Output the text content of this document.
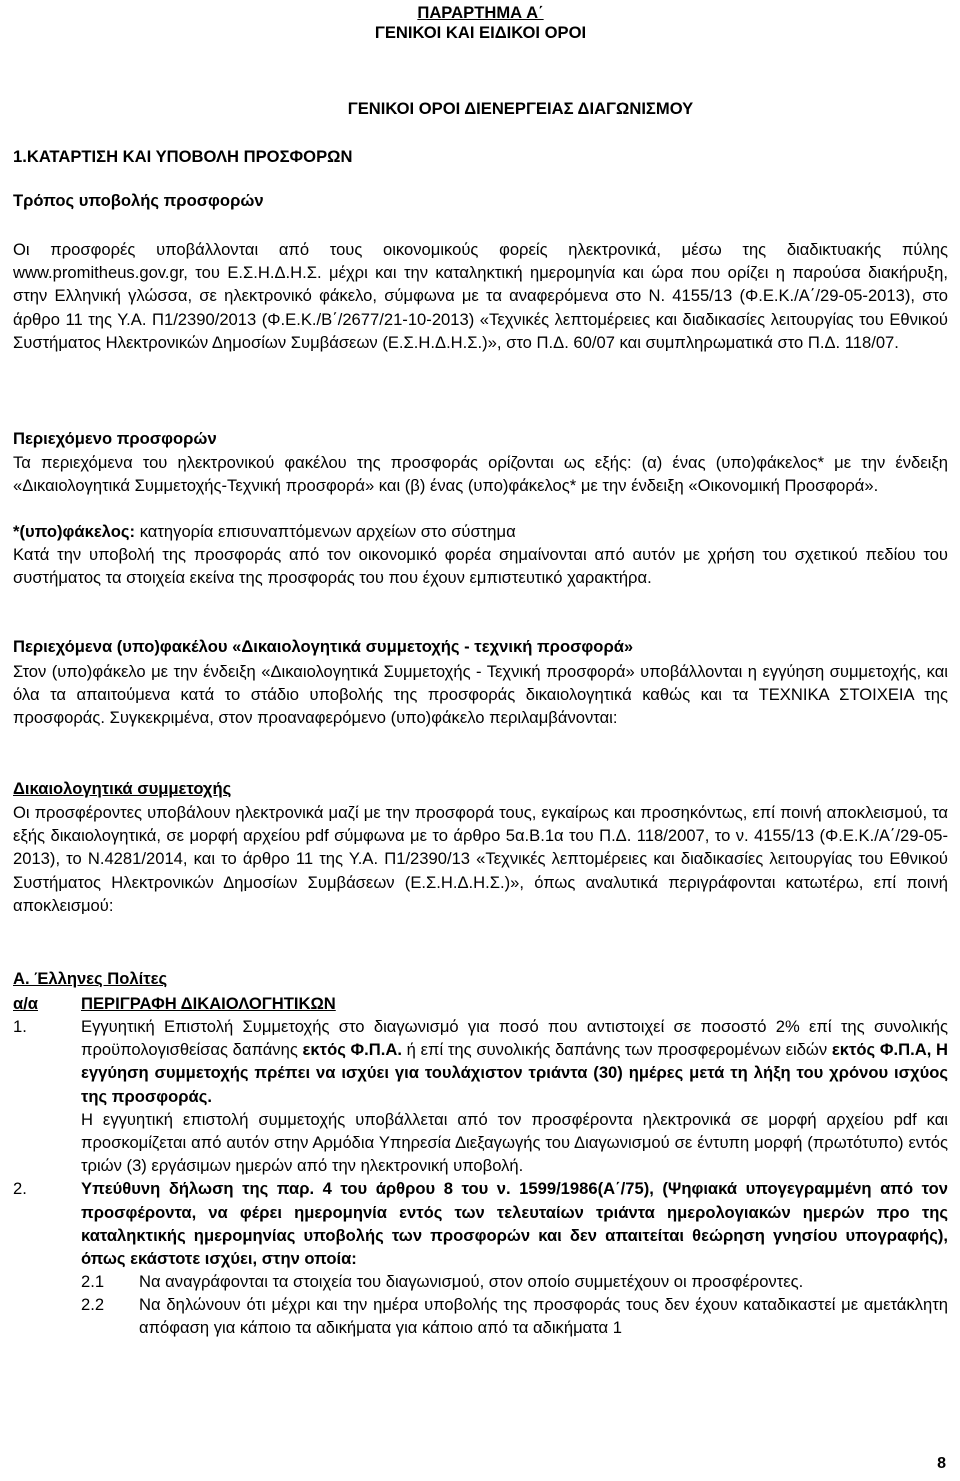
ΠΑΡΑΡΤΗΜΑ Α΄
ΓΕΝΙΚΟΙ ΚΑΙ ΕΙΔΙΚΟΙ ΟΡΟΙ
ΓΕΝΙΚΟΙ ΟΡΟΙ ΔΙΕΝΕΡΓΕΙΑΣ ΔΙΑΓΩΝΙΣΜΟΥ
1.ΚΑΤΑΡΤΙΣΗ ΚΑΙ ΥΠΟΒΟΛΗ ΠΡΟΣΦΟΡΩΝ
Τρόπος υποβολής προσφορών

Οι προσφορές υποβάλλονται από τους οικονομικούς φορείς ηλεκτρονικά, μέσω της διαδικτυακής πύλης www.promitheus.gov.gr, του Ε.Σ.Η.Δ.Η.Σ. μέχρι και την καταληκτική ημερομηνία και ώρα που ορίζει η παρούσα διακήρυξη, στην Ελληνική γλώσσα, σε ηλεκτρονικό φάκελο, σύμφωνα με τα αναφερόμενα στο Ν. 4155/13 (Φ.Ε.Κ./Α΄/29-05-2013), στο άρθρο 11 της Υ.Α. Π1/2390/2013 (Φ.Ε.Κ./Β΄/2677/21-10-2013) «Τεχνικές λεπτομέρειες και διαδικασίες λειτουργίας του Εθνικού Συστήματος Ηλεκτρονικών Δημοσίων Συμβάσεων (Ε.Σ.Η.Δ.Η.Σ.)», στο Π.Δ. 60/07 και συμπληρωματικά στο Π.Δ. 118/07.

Περιεχόμενο προσφορών

Τα περιεχόμενα του ηλεκτρονικού φακέλου της προσφοράς ορίζονται ως εξής: (α) ένας (υπο)φάκελος* με την ένδειξη «Δικαιολογητικά Συμμετοχής-Τεχνική προσφορά» και (β) ένας (υπο)φάκελος* με την ένδειξη «Οικονομική Προσφορά».

*(υπο)φάκελος: κατηγορία επισυναπτόμενων αρχείων στο σύστημα

Κατά την υποβολή της προσφοράς από τον οικονομικό φορέα σημαίνονται από αυτόν με χρήση του σχετικού πεδίου του συστήματος τα στοιχεία εκείνα της προσφοράς του που έχουν εμπιστευτικό χαρακτήρα.

Περιεχόμενα (υπο)φακέλου «Δικαιολογητικά συμμετοχής - τεχνική προσφορά»

Στον (υπο)φάκελο με την ένδειξη «Δικαιολογητικά Συμμετοχής - Τεχνική προσφορά» υποβάλλονται η εγγύηση συμμετοχής, και όλα τα απαιτούμενα κατά το στάδιο υποβολής της προσφοράς δικαιολογητικά καθώς και τα ΤΕΧΝΙΚΑ ΣΤΟΙΧΕΙΑ της προσφοράς. Συγκεκριμένα, στον προαναφερόμενο (υπο)φάκελο περιλαμβάνονται:

Δικαιολογητικά συμμετοχής

Οι προσφέροντες υποβάλουν ηλεκτρονικά μαζί με την προσφορά τους, εγκαίρως και προσηκόντως, επί ποινή αποκλεισμού, τα εξής δικαιολογητικά, σε μορφή αρχείου pdf σύμφωνα με το άρθρο 5α.Β.1α του Π.Δ. 118/2007, το ν. 4155/13 (Φ.Ε.Κ./Α΄/29-05-2013), το Ν.4281/2014, και το άρθρο 11 της Υ.Α. Π1/2390/13 «Τεχνικές λεπτομέρειες και διαδικασίες λειτουργίας του Εθνικού Συστήματος Ηλεκτρονικών Δημοσίων Συμβάσεων (Ε.Σ.Η.Δ.Η.Σ.)», όπως αναλυτικά περιγράφονται κατωτέρω, επί ποινή αποκλεισμού:

Α. Έλληνες Πολίτες
α/α	ΠΕΡΙΓΡΑΦΗ ΔΙΚΑΙΟΛΟΓΗΤΙΚΩΝ
1.	Εγγυητική Επιστολή Συμμετοχής στο διαγωνισμό για ποσό που αντιστοιχεί σε ποσοστό 2% επί της συνολικής προϋπολογισθείσας δαπάνης εκτός Φ.Π.Α. ή επί της συνολικής δαπάνης των προσφερομένων ειδών εκτός Φ.Π.Α, Η εγγύηση συμμετοχής πρέπει να ισχύει για τουλάχιστον τριάντα (30) ημέρες μετά τη λήξη του χρόνου ισχύος της προσφοράς.
Η εγγυητική επιστολή συμμετοχής υποβάλλεται από τον προσφέροντα ηλεκτρονικά σε μορφή αρχείου pdf και προσκομίζεται από αυτόν στην Αρμόδια Υπηρεσία Διεξαγωγής του Διαγωνισμού σε έντυπη μορφή (πρωτότυπο) εντός τριών (3) εργάσιμων ημερών από την ηλεκτρονική υποβολή.

2.	Υπεύθυνη δήλωση της παρ. 4 του άρθρου 8 του ν. 1599/1986(Α΄/75), (Ψηφιακά υπογεγραμμένη από τον προσφέροντα, να φέρει ημερομηνία εντός των τελευταίων τριάντα ημερολογιακών ημερών προ της καταληκτικής ημερομηνίας υποβολής των προσφορών και δεν απαιτείται θεώρηση γνησίου υπογραφής), όπως εκάστοτε ισχύει, στην οποία:
2.1 Να αναγράφονται τα στοιχεία του διαγωνισμού, στον οποίο συμμετέχουν οι προσφέροντες.
2.2 Να δηλώνουν ότι μέχρι και την ημέρα υποβολής της προσφοράς τους δεν έχουν καταδικαστεί με αμετάκλητη απόφαση για κάποιο τα αδικήματα για κάποιο από τα αδικήματα 1
8
